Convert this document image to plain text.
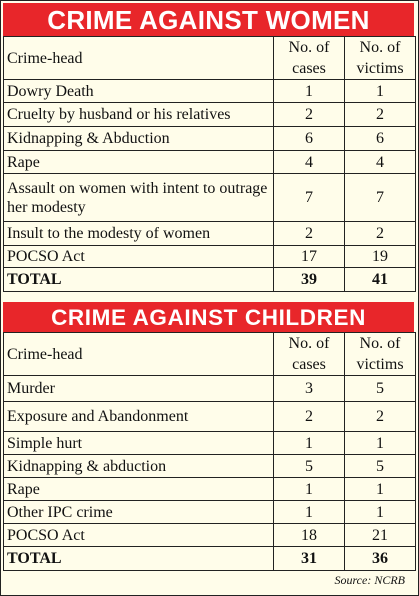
CRIME AGAINST WOMEN
Crime-head	No. of cases	No. of victims
Dowry Death	1	1
Cruelty by husband or his relatives	2	2
Kidnapping & Abduction	6	6
Rape	4	4
Assault on women with intent to outrage her modesty	7	7
Insult to the modesty of women	2	2
POCSO Act	17	19
TOTAL	39	41
CRIME AGAINST CHILDREN
Crime-head	No. of cases	No. of victims
Murder	3	5
Exposure and Abandonment	2	2
Simple hurt	1	1
Kidnapping & abduction	5	5
Rape	1	1
Other IPC crime	1	1
POCSO Act	18	21
TOTAL	31	36
Source: NCRB
